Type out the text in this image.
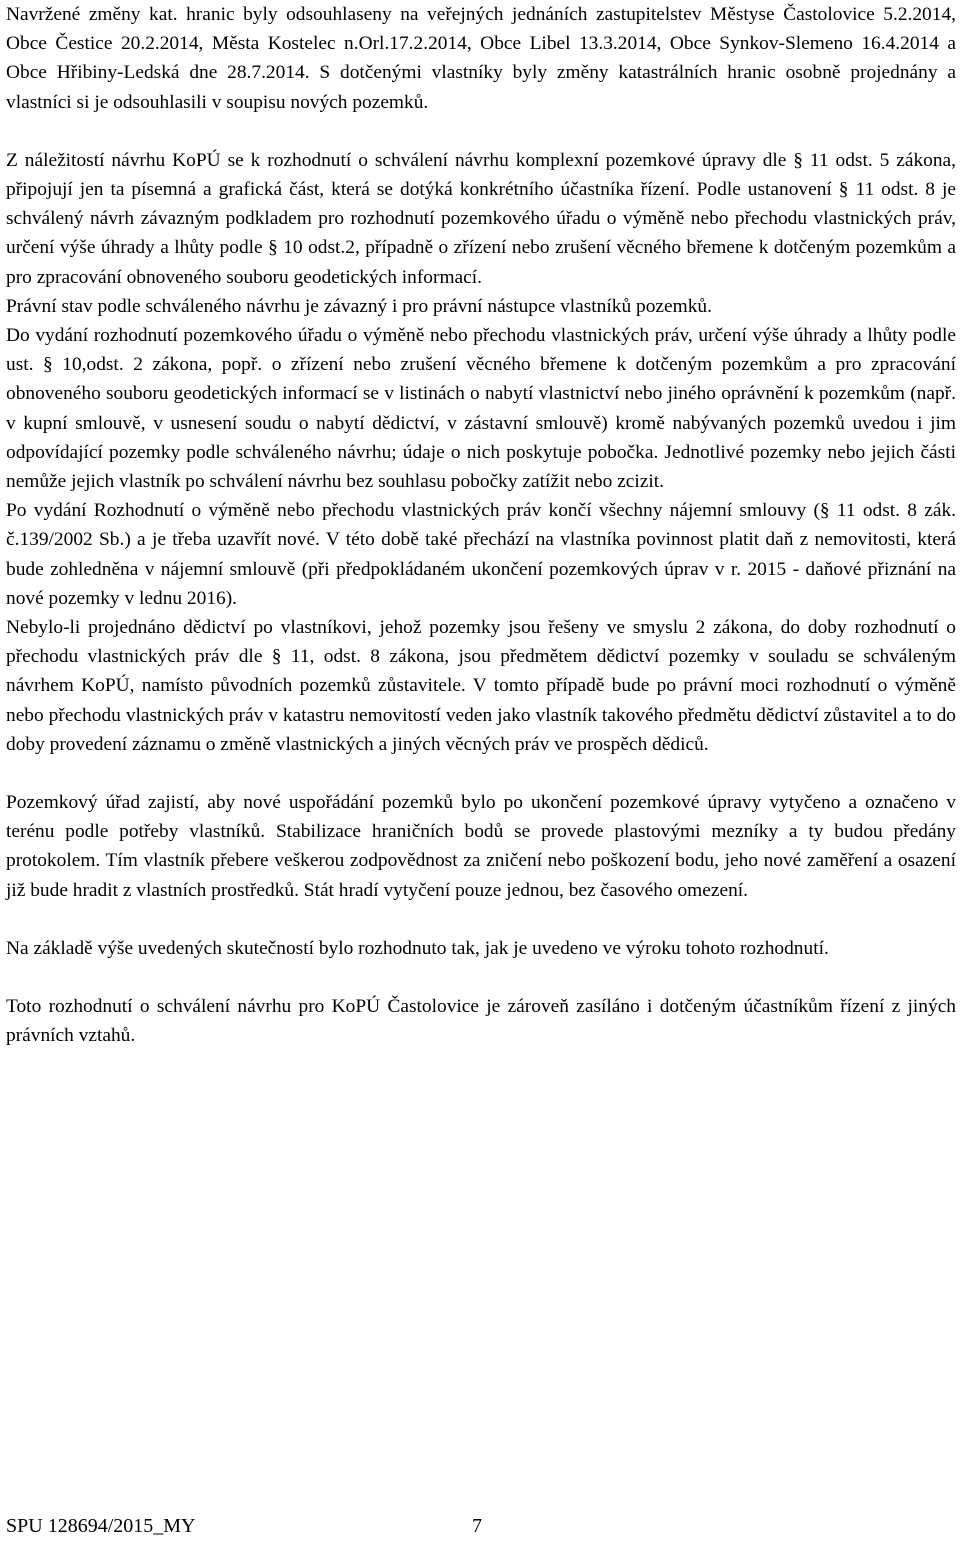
Navržené změny kat. hranic byly odsouhlaseny na veřejných jednáních zastupitelstev Městyse Častolovice 5.2.2014, Obce Čestice 20.2.2014, Města Kostelec n.Orl.17.2.2014, Obce Libel 13.3.2014, Obce Synkov-Slemeno 16.4.2014 a Obce Hřibiny-Ledská dne 28.7.2014. S dotčenými vlastníky byly změny katastrálních hranic osobně projednány a vlastníci si je odsouhlasili v soupisu nových pozemků.

Z náležitostí návrhu KoPÚ se k rozhodnutí o schválení návrhu komplexní pozemkové úpravy dle § 11 odst. 5 zákona, připojují jen ta písemná a grafická část, která se dotýká konkrétního účastníka řízení. Podle ustanovení § 11 odst. 8 je schválený návrh závazným podkladem pro rozhodnutí pozemkového úřadu o výměně nebo přechodu vlastnických práv, určení výše úhrady a lhůty podle § 10 odst.2, případně o zřízení nebo zrušení věcného břemene k dotčeným pozemkům a pro zpracování obnoveného souboru geodetických informací.

Právní stav podle schváleného návrhu je závazný i pro právní nástupce vlastníků pozemků.

Do vydání rozhodnutí pozemkového úřadu o výměně nebo přechodu vlastnických práv, určení výše úhrady a lhůty podle ust. § 10,odst. 2 zákona, popř. o zřízení nebo zrušení věcného břemene k dotčeným pozemkům a pro zpracování obnoveného souboru geodetických informací se v listinách o nabytí vlastnictví nebo jiného oprávnění k pozemkům (např. v kupní smlouvě, v usnesení soudu o nabytí dědictví, v zástavní smlouvě) kromě nabývaných pozemků uvedou i jim odpovídající pozemky podle schváleného návrhu; údaje o nich poskytuje pobočka. Jednotlivé pozemky nebo jejich části nemůže jejich vlastník po schválení návrhu bez souhlasu pobočky zatížit nebo zcizit.

Po vydání Rozhodnutí o výměně nebo přechodu vlastnických práv končí všechny nájemní smlouvy (§ 11 odst. 8 zák. č.139/2002 Sb.) a je třeba uzavřít nové. V této době také přechází na vlastníka povinnost platit daň z nemovitosti, která bude zohledněna v nájemní smlouvě (při předpokládaném ukončení pozemkových úprav v r. 2015 - daňové přiznání na nové pozemky v lednu 2016).

Nebylo-li projednáno dědictví po vlastníkovi, jehož pozemky jsou řešeny ve smyslu 2 zákona, do doby rozhodnutí o přechodu vlastnických práv dle § 11, odst. 8 zákona, jsou předmětem dědictví pozemky v souladu se schváleným návrhem KoPÚ, namísto původních pozemků zůstavitele. V tomto případě bude po právní moci rozhodnutí o výměně nebo přechodu vlastnických práv v katastru nemovitostí veden jako vlastník takového předmětu dědictví zůstavitel a to do doby provedení záznamu o změně vlastnických a jiných věcných práv ve prospěch dědiců.

Pozemkový úřad zajistí, aby nové uspořádání pozemků bylo po ukončení pozemkové úpravy vytyčeno a označeno v terénu podle potřeby vlastníků. Stabilizace hraničních bodů se provede plastovými mezníky a ty budou předány protokolem. Tím vlastník přebere veškerou zodpovědnost za zničení nebo poškození bodu, jeho nové zaměření a osazení již bude hradit z vlastních prostředků. Stát hradí vytyčení pouze jednou, bez časového omezení.

Na základě výše uvedených skutečností bylo rozhodnuto tak, jak je uvedeno ve výroku tohoto rozhodnutí.

Toto rozhodnutí o schválení návrhu pro KoPÚ Častolovice je zároveň zasíláno i dotčeným účastníkům řízení z jiných právních vztahů.

SPU 128694/2015_MY	7
